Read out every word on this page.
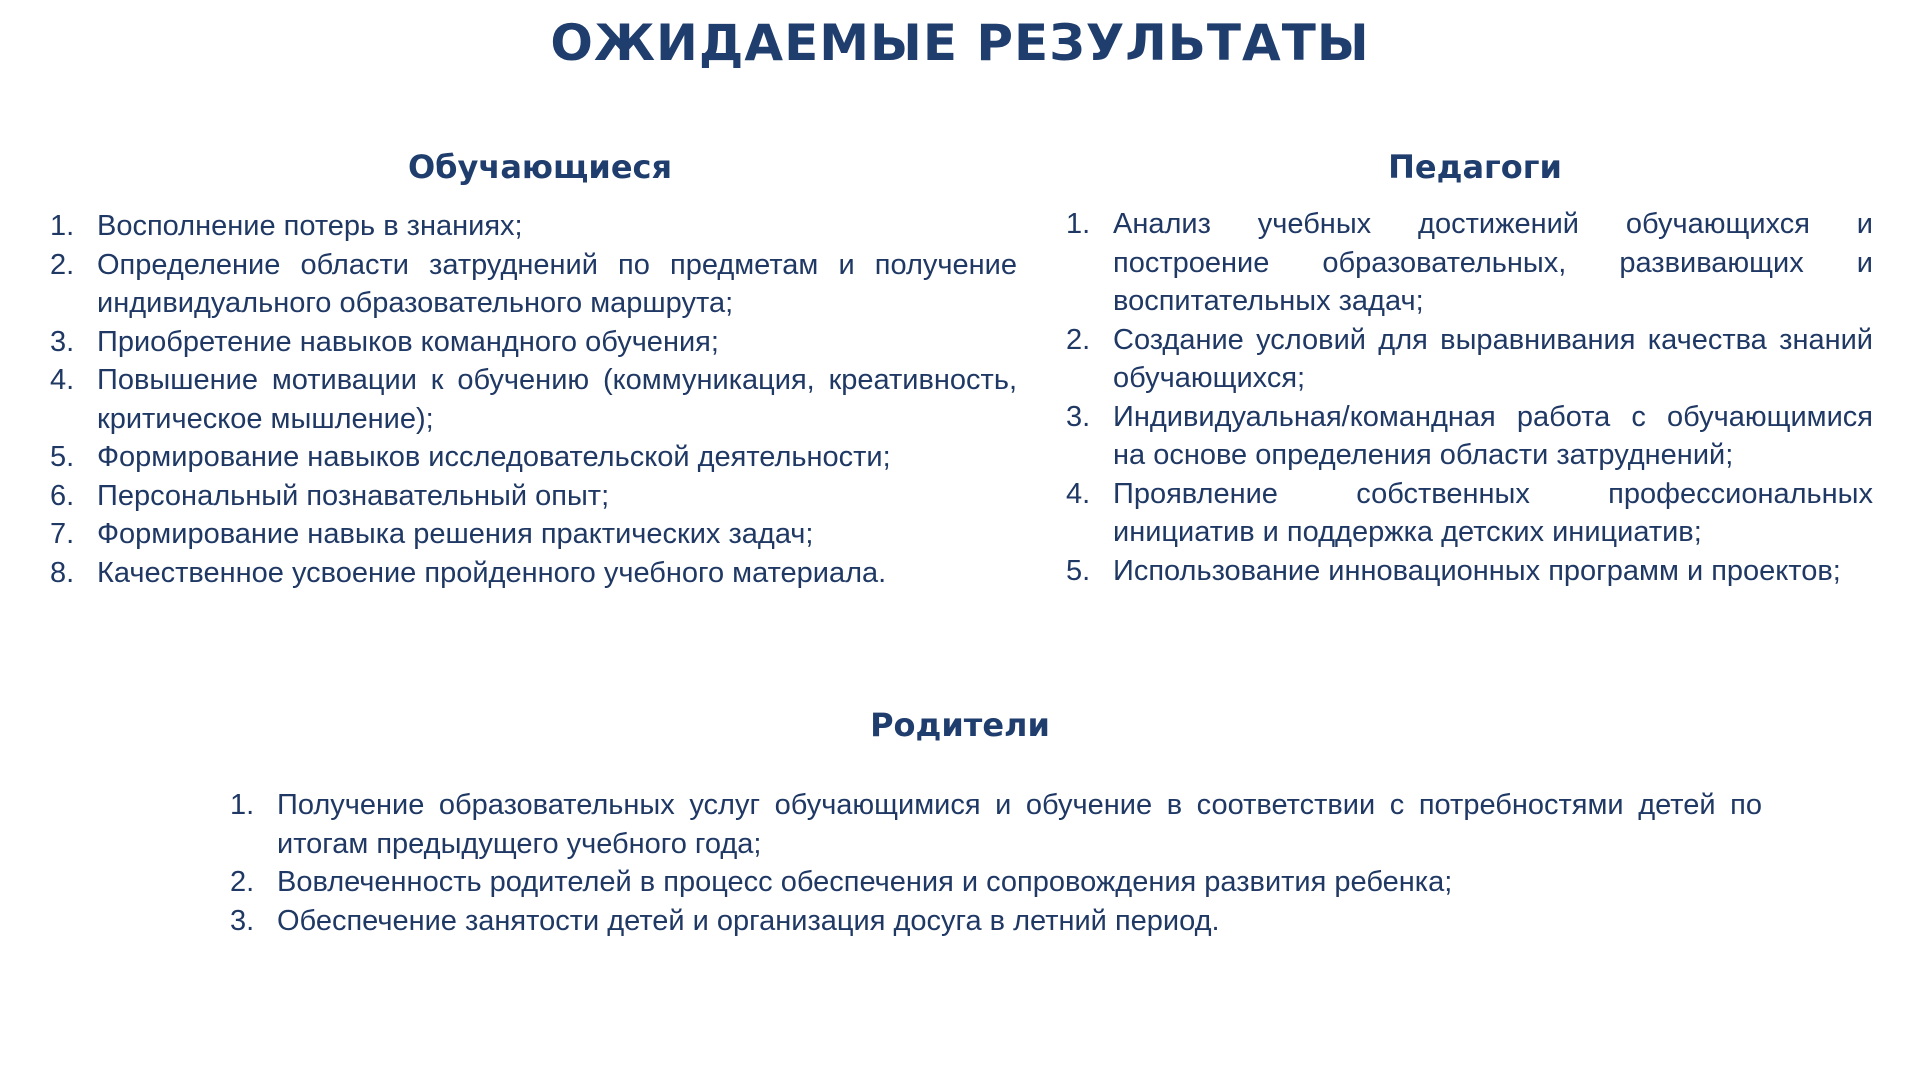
ОЖИДАЕМЫЕ РЕЗУЛЬТАТЫ
Обучающиеся
1. Восполнение потерь в знаниях;
2. Определение области затруднений по предметам и получение индивидуального образовательного маршрута;
3. Приобретение навыков командного обучения;
4. Повышение мотивации к обучению (коммуникация, креативность, критическое мышление);
5. Формирование навыков исследовательской деятельности;
6. Персональный познавательный опыт;
7. Формирование навыка решения практических задач;
8. Качественное усвоение пройденного учебного материала.
Педагоги
1. Анализ учебных достижений обучающихся и построение образовательных, развивающих и воспитательных задач;
2. Создание условий для выравнивания качества знаний обучающихся;
3. Индивидуальная/командная работа с обучающимися на основе определения области затруднений;
4. Проявление собственных профессиональных инициатив и поддержка детских инициатив;
5. Использование инновационных программ и проектов;
Родители
1. Получение образовательных услуг обучающимися и обучение в соответствии с потребностями детей по итогам предыдущего учебного года;
2. Вовлеченность родителей в процесс обеспечения и сопровождения развития ребенка;
3. Обеспечение занятости детей и организация досуга в летний период.
